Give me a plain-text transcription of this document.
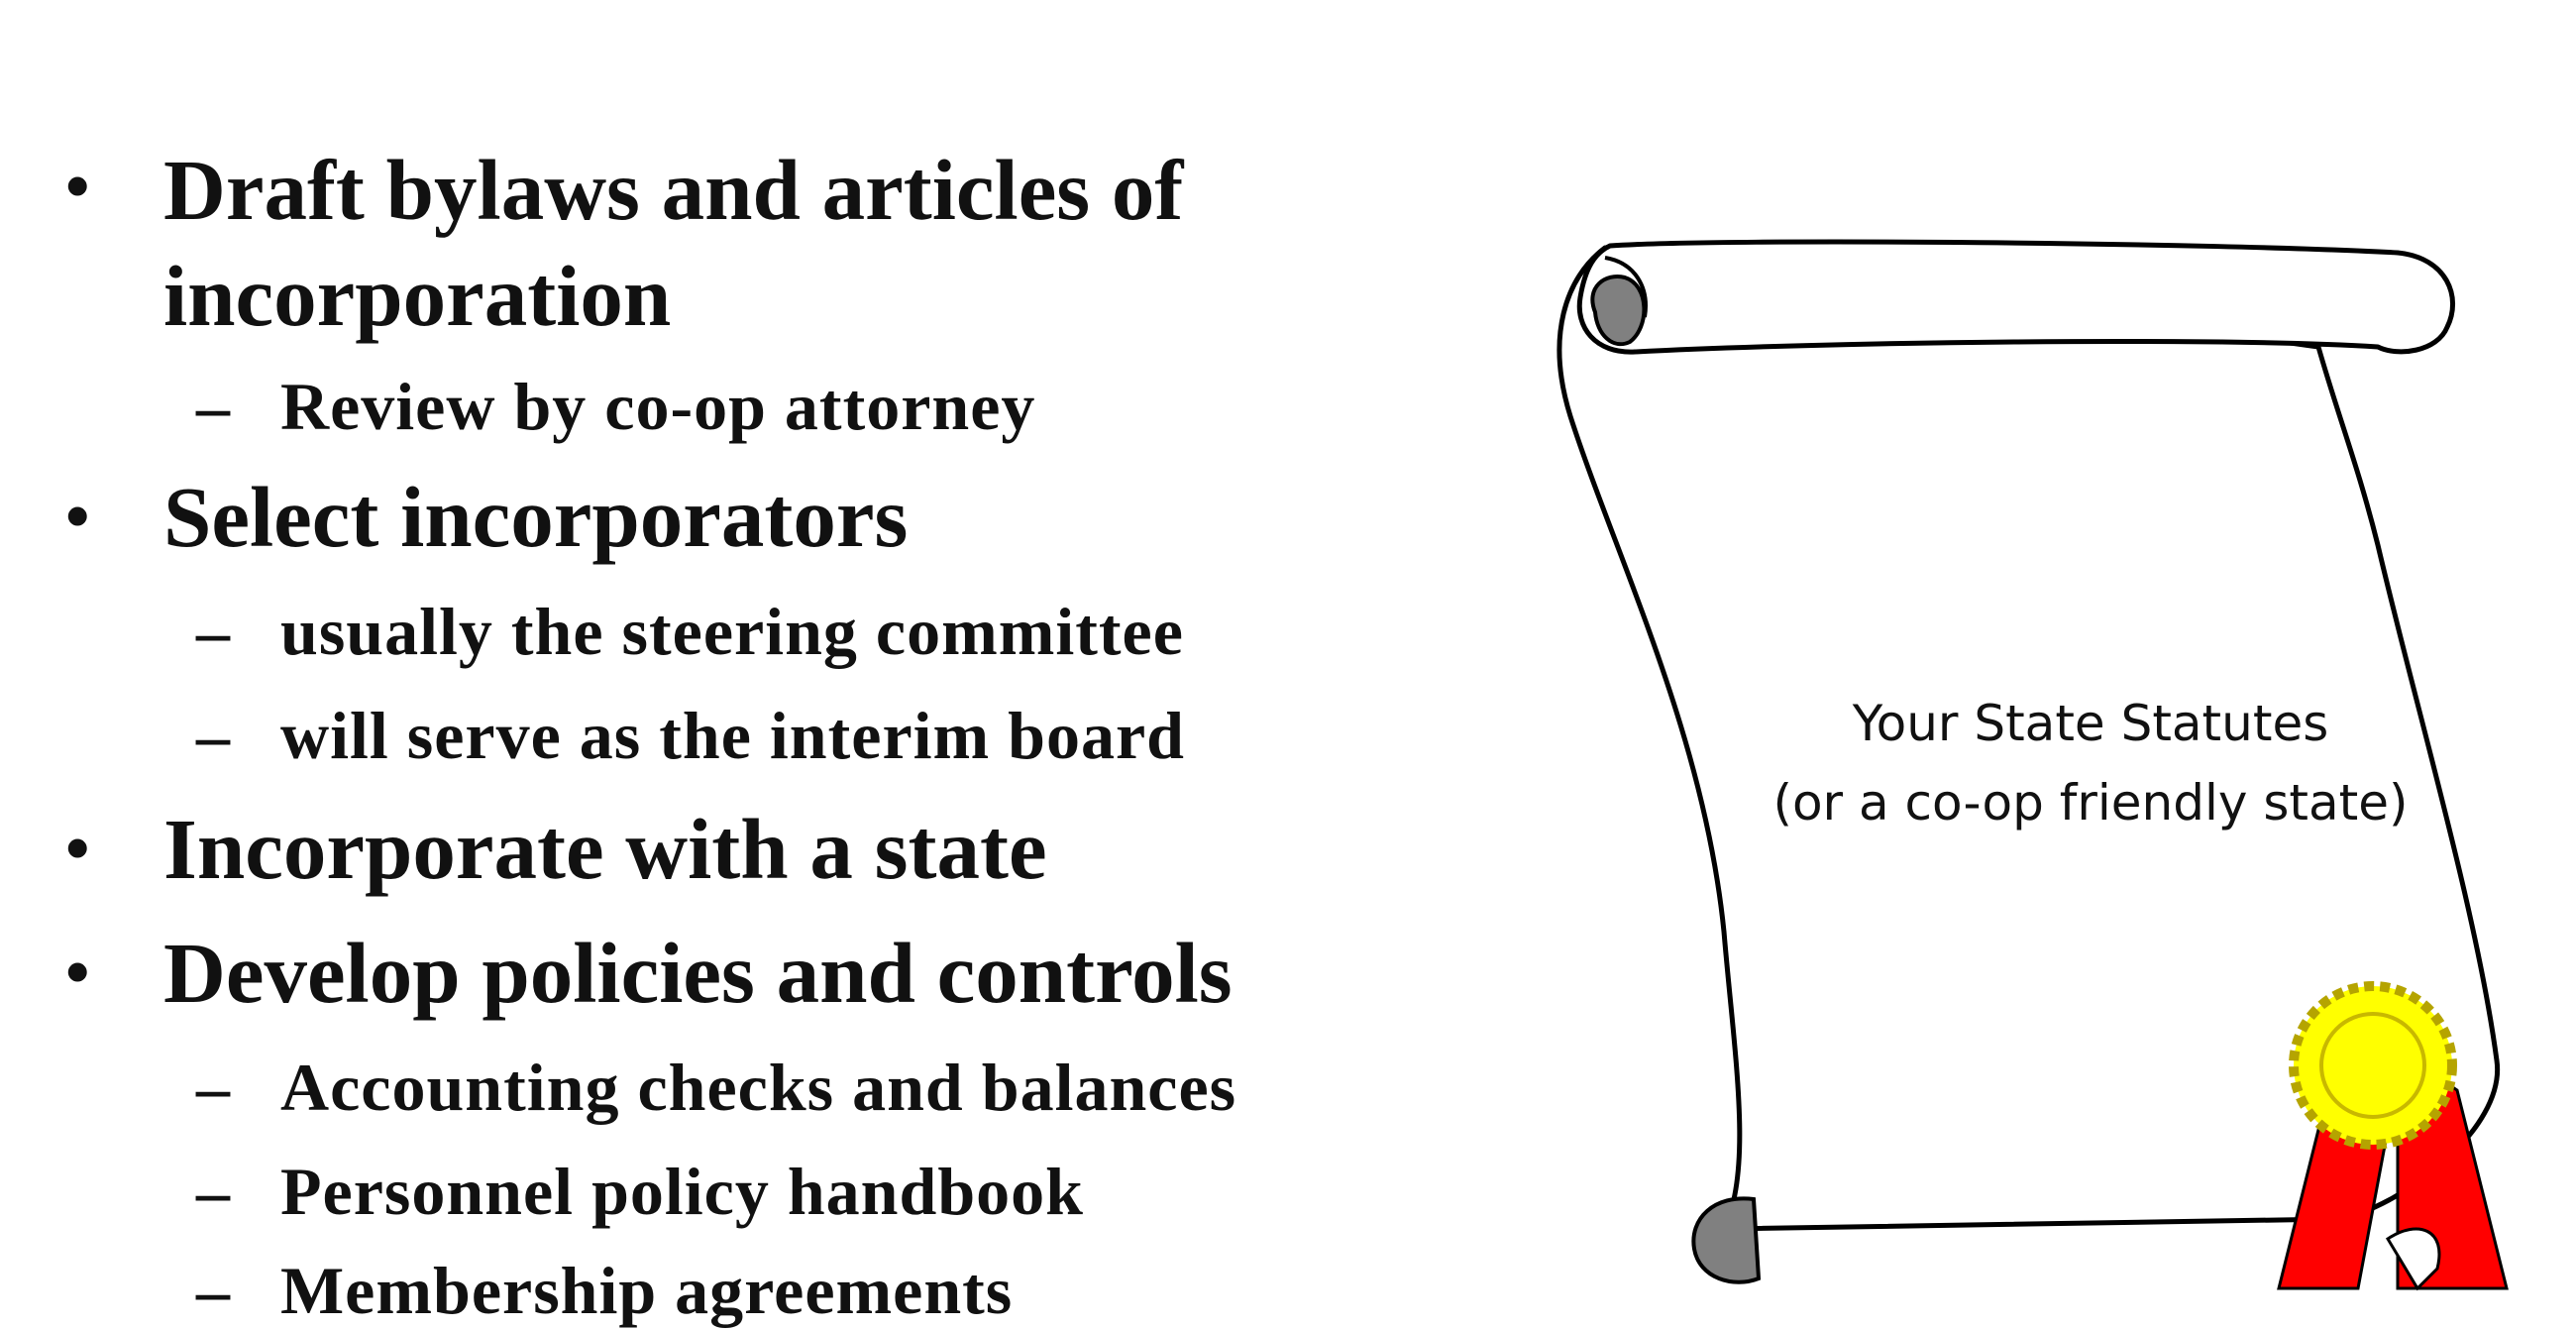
• Draft bylaws and articles of
incorporation
– Review by co-op attorney
• Select incorporators
– usually the steering committee
– will serve as the interim board
• Incorporate with a state
• Develop policies and controls
– Accounting checks and balances
– Personnel policy handbook
– Membership agreements
Your State Statutes
(or a co-op friendly state)
